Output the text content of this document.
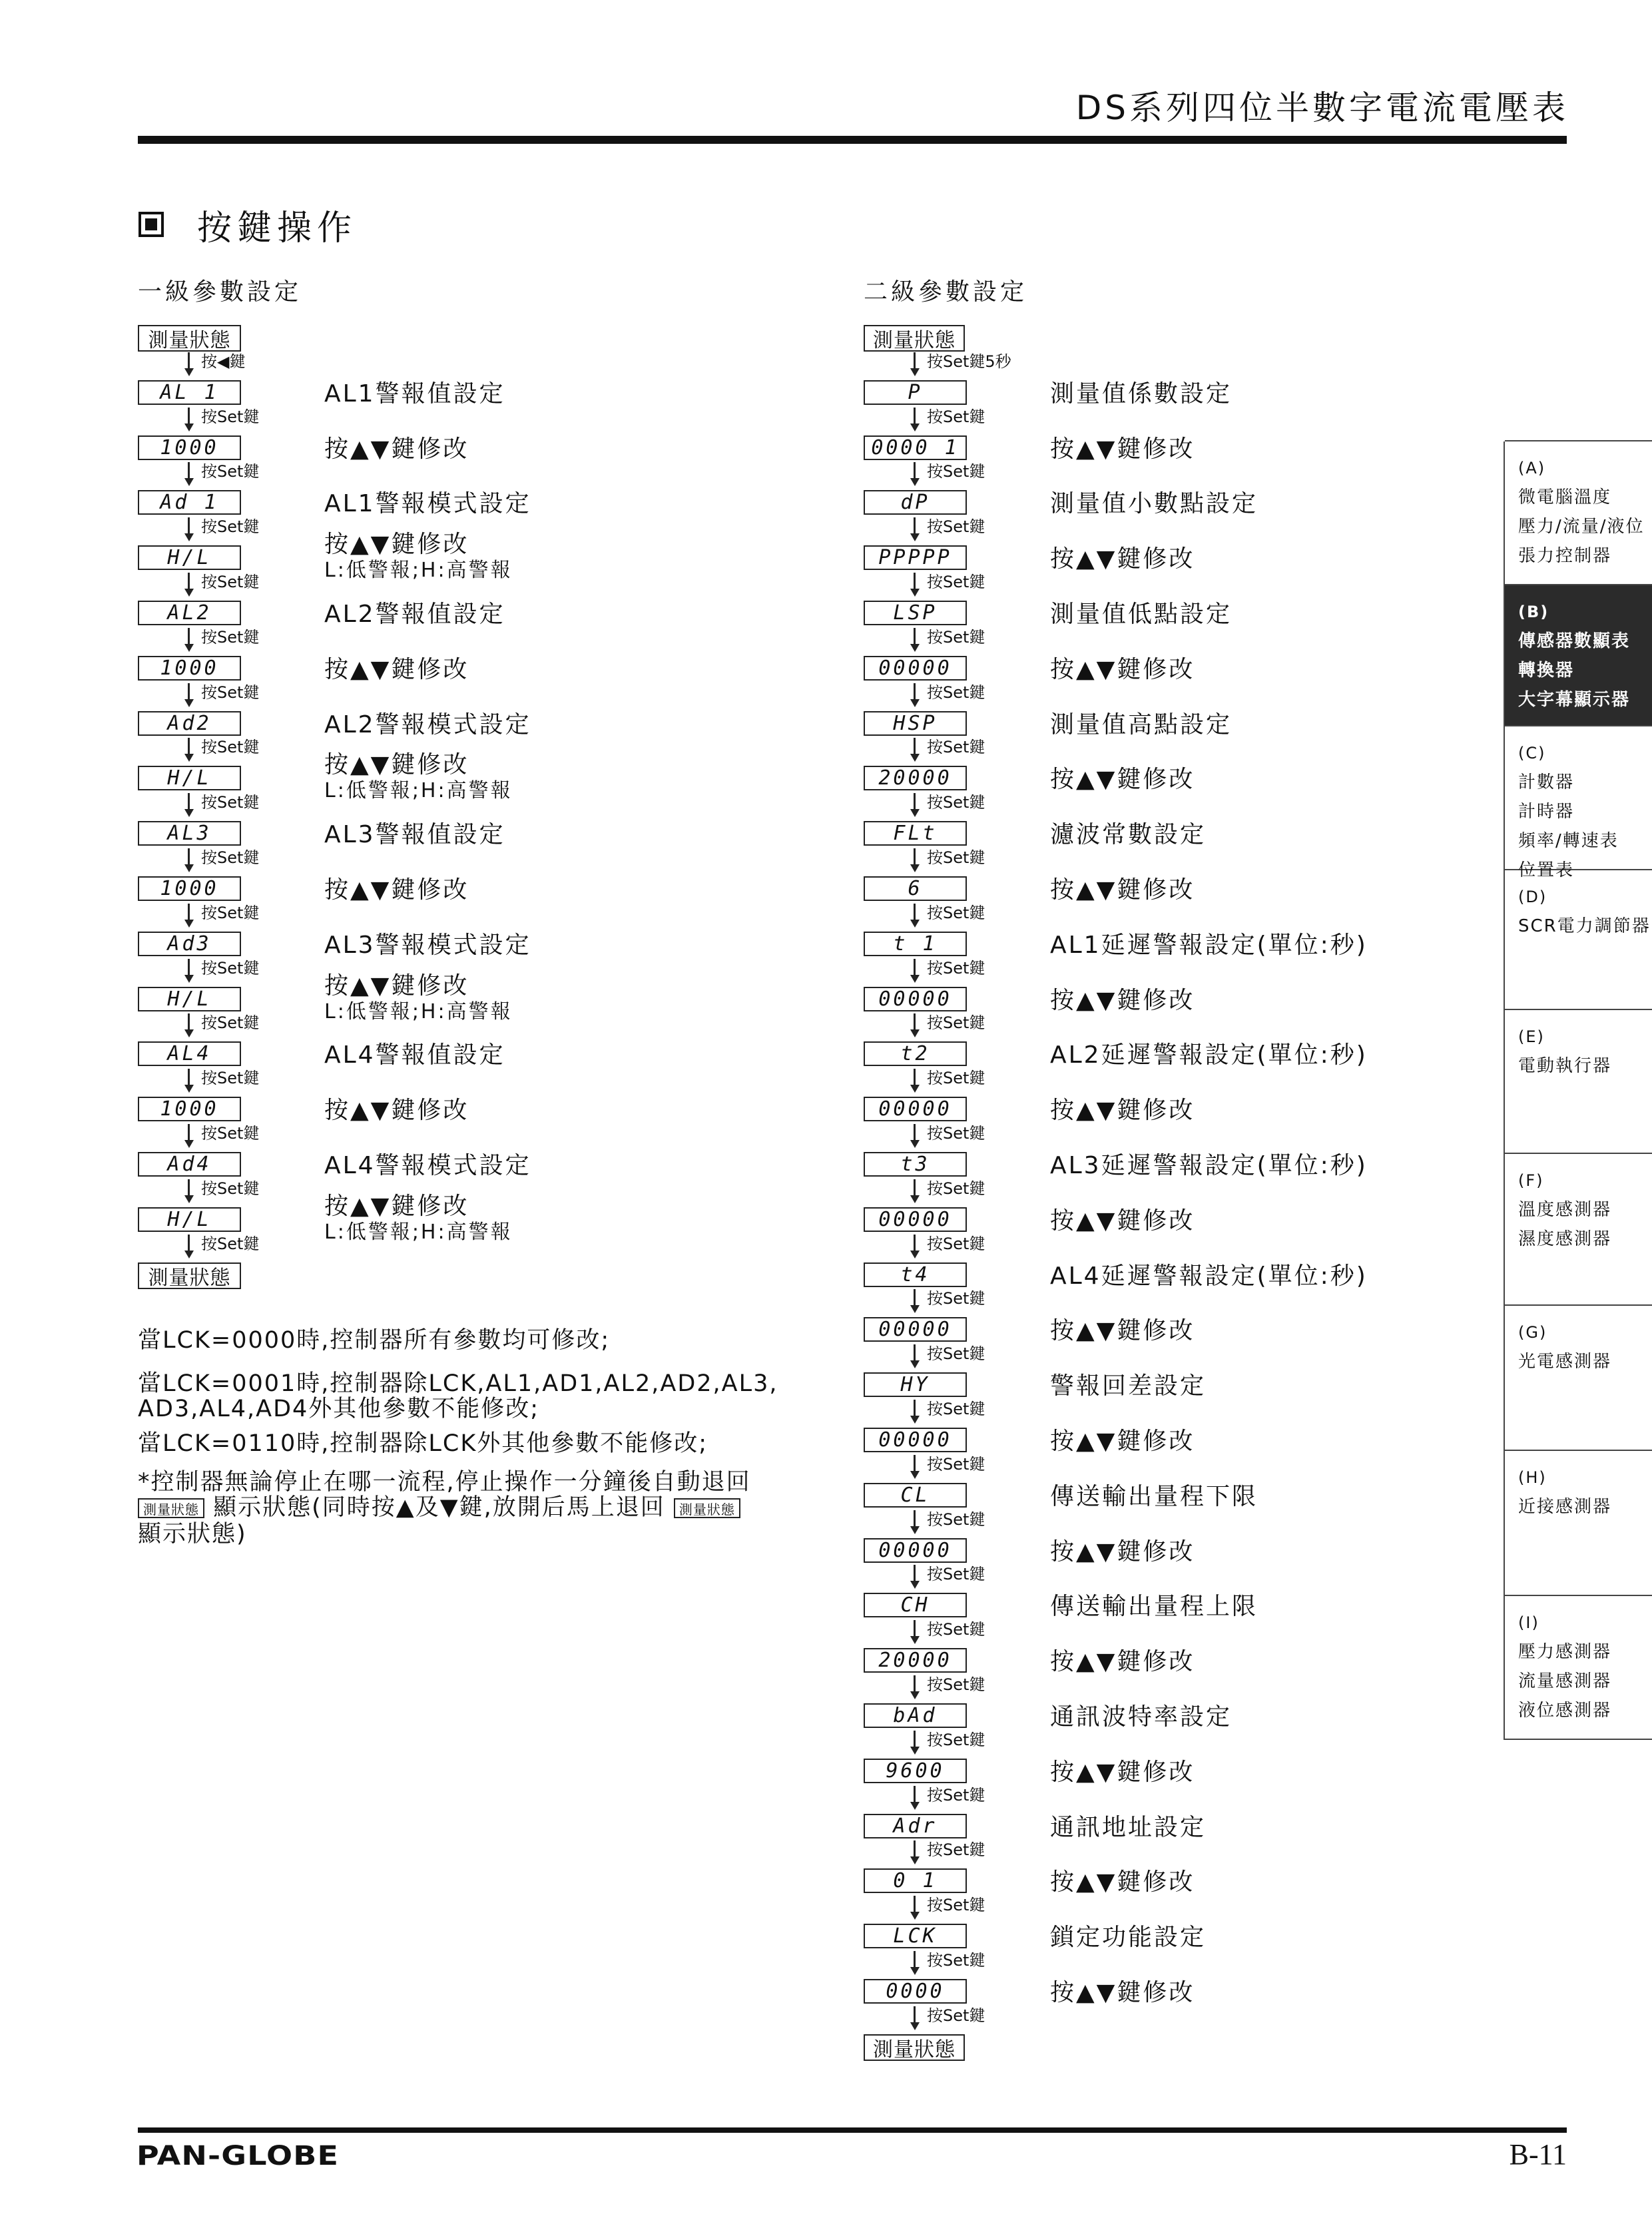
DS系列四位半數字電流電壓表
按鍵操作
一級參數設定	二級參數設定
測量狀態
按◀鍵
AL 1	AL1警報值設定
按Set鍵
1000	按▲▼鍵修改
按Set鍵
Ad 1	AL1警報模式設定
按Set鍵
H/L	按▲▼鍵修改
L:低警報;H:高警報
按Set鍵
AL2	AL2警報值設定
按Set鍵
1000	按▲▼鍵修改
按Set鍵
Ad2	AL2警報模式設定
按Set鍵
H/L	按▲▼鍵修改
L:低警報;H:高警報
按Set鍵
AL3	AL3警報值設定
按Set鍵
1000	按▲▼鍵修改
按Set鍵
Ad3	AL3警報模式設定
按Set鍵
H/L	按▲▼鍵修改
L:低警報;H:高警報
按Set鍵
AL4	AL4警報值設定
按Set鍵
1000	按▲▼鍵修改
按Set鍵
Ad4	AL4警報模式設定
按Set鍵
H/L	按▲▼鍵修改
L:低警報;H:高警報
按Set鍵
測量狀態
測量狀態
按Set鍵5秒
P	測量值係數設定
按Set鍵
0000 1	按▲▼鍵修改
按Set鍵
dP	測量值小數點設定
按Set鍵
PPPPP	按▲▼鍵修改
按Set鍵
LSP	測量值低點設定
按Set鍵
00000	按▲▼鍵修改
按Set鍵
HSP	測量值高點設定
按Set鍵
20000	按▲▼鍵修改
按Set鍵
FLt	濾波常數設定
按Set鍵
6	按▲▼鍵修改
按Set鍵
t 1	AL1延遲警報設定(單位:秒)
按Set鍵
00000	按▲▼鍵修改
按Set鍵
t2	AL2延遲警報設定(單位:秒)
按Set鍵
00000	按▲▼鍵修改
按Set鍵
t3	AL3延遲警報設定(單位:秒)
按Set鍵
00000	按▲▼鍵修改
按Set鍵
t4	AL4延遲警報設定(單位:秒)
按Set鍵
00000	按▲▼鍵修改
按Set鍵
HY	警報回差設定
按Set鍵
00000	按▲▼鍵修改
按Set鍵
CL	傳送輸出量程下限
按Set鍵
00000	按▲▼鍵修改
按Set鍵
CH	傳送輸出量程上限
按Set鍵
20000	按▲▼鍵修改
按Set鍵
bAd	通訊波特率設定
按Set鍵
9600	按▲▼鍵修改
按Set鍵
Adr	通訊地址設定
按Set鍵
0 1	按▲▼鍵修改
按Set鍵
LCK	鎖定功能設定
按Set鍵
0000	按▲▼鍵修改
按Set鍵
測量狀態
當LCK=0000時,控制器所有參數均可修改;
當LCK=0001時,控制器除LCK,AL1,AD1,AL2,AD2,AL3,
AD3,AL4,AD4外其他參數不能修改;
當LCK=0110時,控制器除LCK外其他參數不能修改;
*控制器無論停止在哪一流程,停止操作一分鐘後自動退回
測量狀態 顯示狀態(同時按▲及▼鍵,放開后馬上退回 測量狀態
顯示狀態)
(A)
微電腦溫度
壓力/流量/液位
張力控制器
(B)
傳感器數顯表
轉換器
大字幕顯示器
(C)
計數器
計時器
頻率/轉速表
位置表
(D)
SCR電力調節器
(E)
電動執行器
(F)
溫度感測器
濕度感測器
(G)
光電感測器
(H)
近接感測器
(I)
壓力感測器
流量感測器
液位感測器
PAN-GLOBE	B-11
